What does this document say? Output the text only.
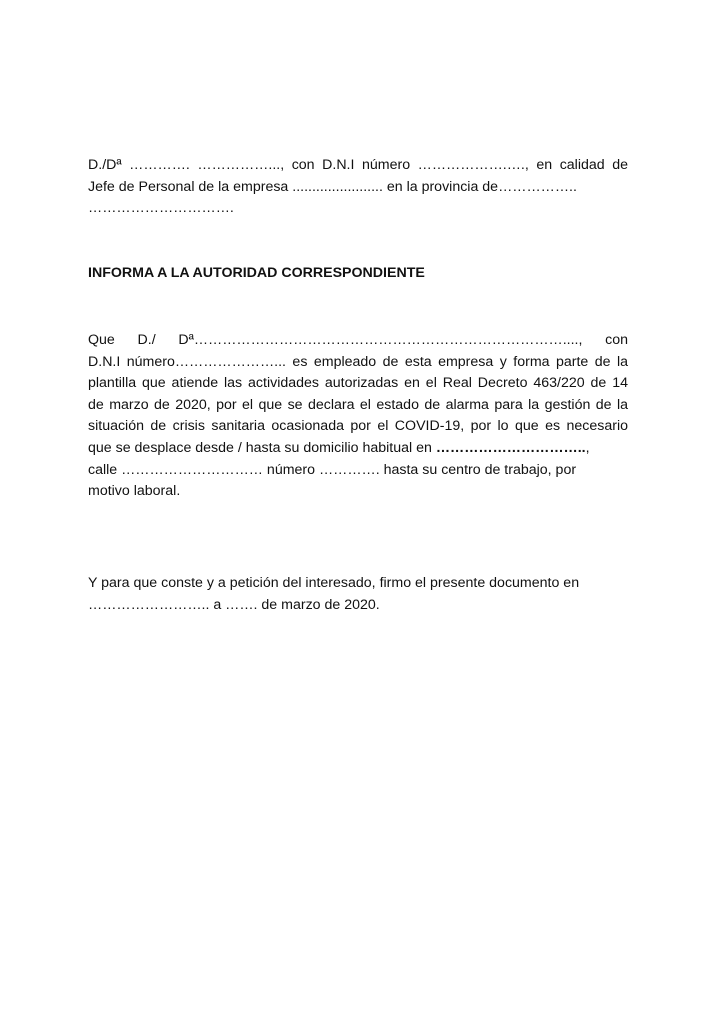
D./Dª …………. ……………..., con D.N.I número ……………….…., en calidad de
Jefe de Personal de la empresa ....................... en la provincia de……………..
………………………….
INFORMA A LA AUTORIDAD CORRESPONDIENTE
Que D./ Dª……………………………………………………………………...., con
D.N.I número…………………... es empleado de esta empresa y forma parte de la
plantilla que atiende las actividades autorizadas en el Real Decreto 463/220 de 14
de marzo de 2020, por el que se declara el estado de alarma para la gestión de la
situación de crisis sanitaria ocasionada por el COVID-19, por lo que es necesario
que se desplace desde / hasta su domicilio habitual en …………………………..,
calle ………………………… número …………. hasta su centro de trabajo, por
motivo laboral.
Y para que conste y a petición del interesado, firmo el presente documento en
…………………….. a ……. de marzo de 2020.
